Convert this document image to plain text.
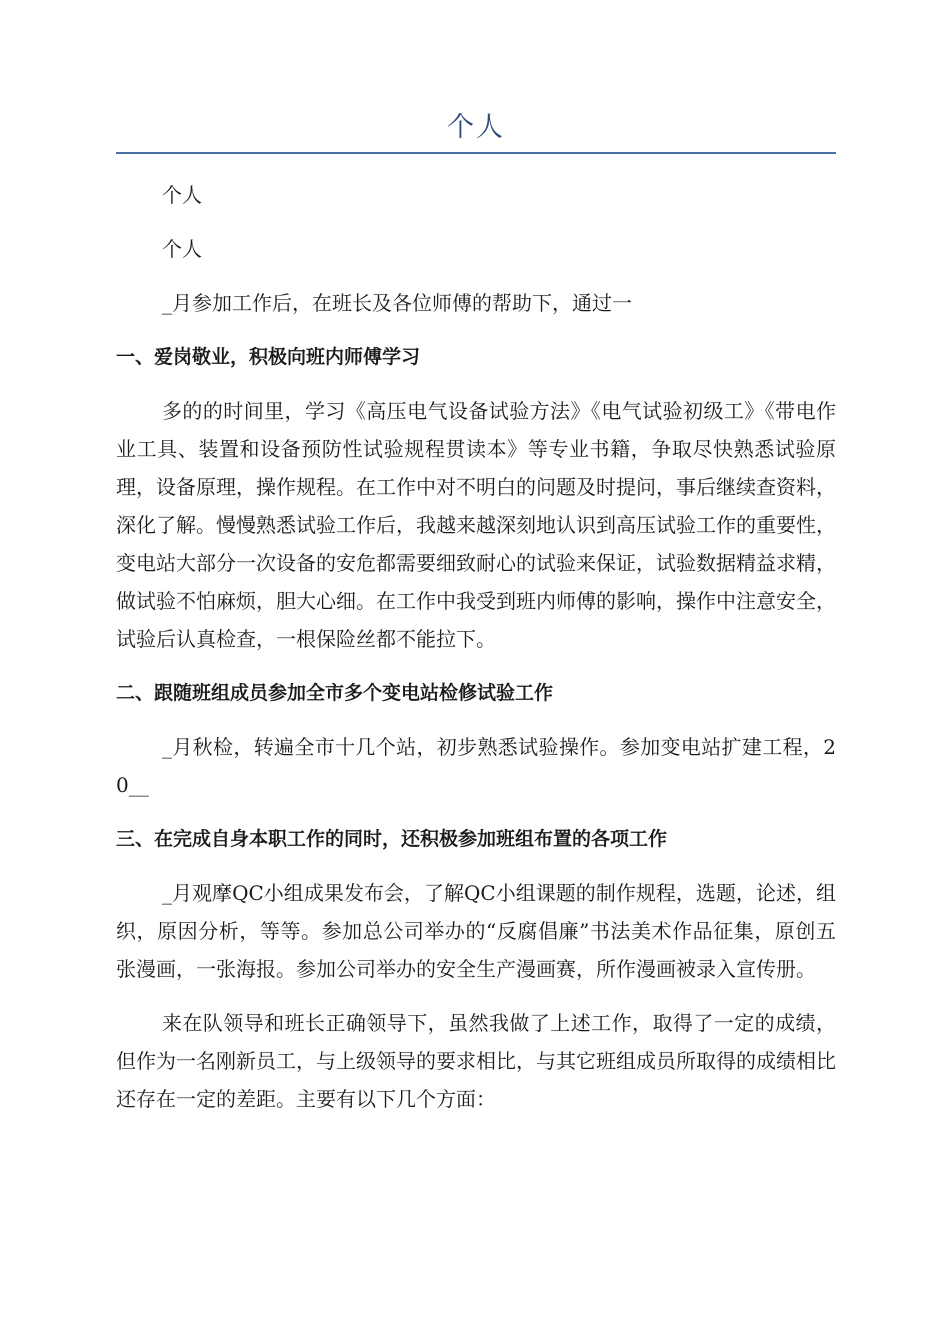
个人

个人

个人

_月参加工作后，在班长及各位师傅的帮助下，通过一

一、爱岗敬业，积极向班内师傅学习

多的的时间里，学习《高压电气设备试验方法》《电气试验初级工》《带电作业工具、装置和设备预防性试验规程贯读本》等专业书籍，争取尽快熟悉试验原理，设备原理，操作规程。在工作中对不明白的问题及时提问，事后继续查资料，深化了解。慢慢熟悉试验工作后，我越来越深刻地认识到高压试验工作的重要性，变电站大部分一次设备的安危都需要细致耐心的试验来保证，试验数据精益求精，做试验不怕麻烦，胆大心细。在工作中我受到班内师傅的影响，操作中注意安全，试验后认真检查，一根保险丝都不能拉下。

二、跟随班组成员参加全市多个变电站检修试验工作

_月秋检，转遍全市十几个站，初步熟悉试验操作。参加变电站扩建工程，20__

三、在完成自身本职工作的同时，还积极参加班组布置的各项工作

_月观摩QC小组成果发布会，了解QC小组课题的制作规程，选题，论述，组织，原因分析，等等。参加总公司举办的“反腐倡廉”书法美术作品征集，原创五张漫画，一张海报。参加公司举办的安全生产漫画赛，所作漫画被录入宣传册。

来在队领导和班长正确领导下，虽然我做了上述工作，取得了一定的成绩，但作为一名刚新员工，与上级领导的要求相比，与其它班组成员所取得的成绩相比还存在一定的差距。主要有以下几个方面：
